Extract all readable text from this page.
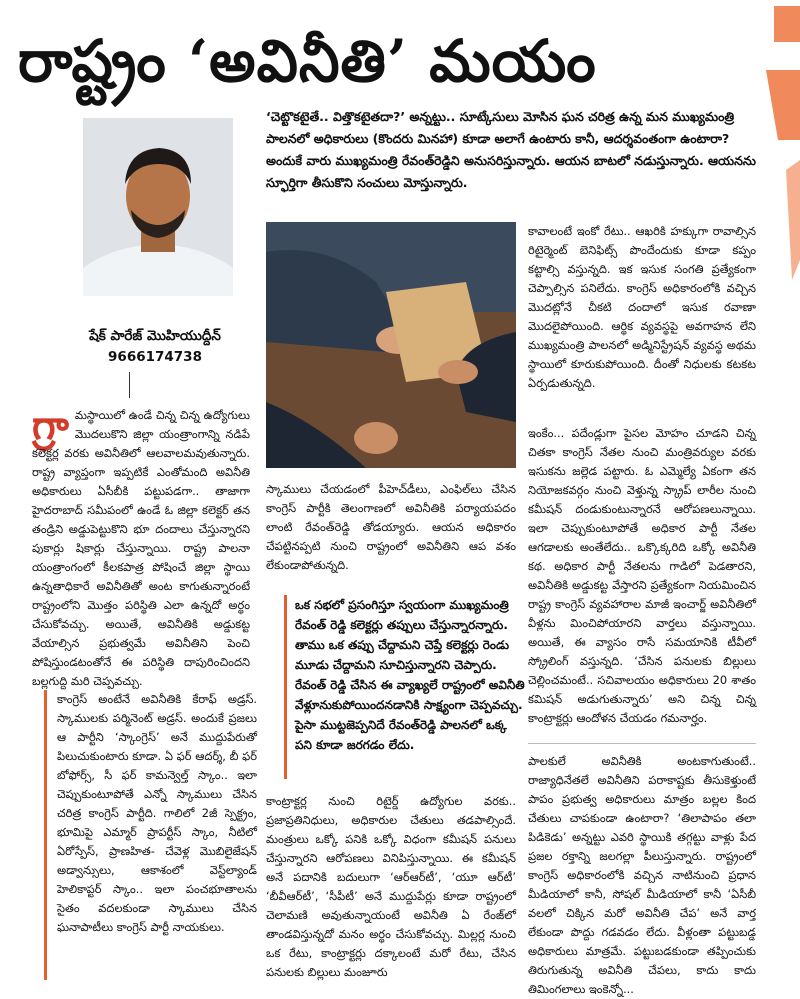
రాష్ట్రం ‘అవినీతి’ మయం
‘చెట్టొకటైతే.. విత్తొకటైతదా?’ అన్నట్టు.. సూట్కేసులు మోసిన ఘన చరిత్ర ఉన్న మన ముఖ్యమంత్రి పాలనలో అధికారులు (కొందరు మినహా) కూడా అలాగే ఉంటారు కానీ, ఆదర్శవంతంగా ఉంటారా? అందుకే వారు ముఖ్యమంత్రి రేవంత్‌రెడ్డిని అనుసరిస్తున్నారు. ఆయన బాటలో నడుస్తున్నారు. ఆయనను స్ఫూర్తిగా తీసుకొని సంచులు మోస్తున్నారు.
షేక్ పారేజ్ మొహియుద్దీన్
9666174738
గ్రా మస్థాయిలో ఉండే చిన్న చిన్న ఉద్యోగులు మొదలుకొని జిల్లా యంత్రాంగాన్ని నడిపే కలెక్టర్ల వరకు అవినీతిలో ఆలవాలమవుతున్నారు. రాష్ట్ర వ్యాప్తంగా ఇప్పటికే ఎంతోమంది అవినీతి అధికారులు ఏసీబీకి పట్టుపడగా.. తాజాగా హైదరాబాద్ సమీపంలో ఉండే ఓ జిల్లా కలెక్టర్ తన తండ్రిని అడ్డుపెట్టుకొని భూ దందాలు చేస్తున్నారని పుకార్లు షికార్లు చేస్తున్నాయి. రాష్ట్ర పాలనా యంత్రాంగంలో కీలకపాత్ర పోషించే జిల్లా స్థాయి ఉన్నతాధికారే అవినీతితో అంట కాగుతున్నారంటే రాష్ట్రంలోని మొత్తం పరిస్థితి ఎలా ఉన్నదో అర్థం చేసుకోవచ్చు. అయితే, అవినీతికి అడ్డుకట్ట వేయాల్సిన ప్రభుత్వమే అవినీతిని పెంచి పోషిస్తుండటంతోనే ఈ పరిస్థితి దాపురించిందని బల్లగుద్ది మరి చెప్పవచ్చు.
కాంగ్రెస్ అంటేనే అవినీతికి కేరాఫ్ అడ్రస్. స్కాములకు పర్మినెంట్ అడ్రస్. అందుకే ప్రజలు ఆ పార్టీని ‘స్కాంగ్రెస్’ అనే ముద్దుపేరుతో పిలుచుకుంటారు కూడా. ఏ ఫర్ ఆదర్శ్, బీ ఫర్ బోఫోర్స్, సీ ఫర్ కామన్వెల్త్ స్కాం.. ఇలా చెప్పుకుంటూపోతే ఎన్నో స్కాములు చేసిన చరిత్ర కాంగ్రెస్ పార్టీది. గాలిలో 2జీ స్పెక్ట్రం, భూమిపై ఎమ్మార్ ప్రాపర్టీస్ స్కాం, నీటిలో ఏరోస్పేస్, ప్రాణహిత- చేవెళ్ల మొబిలైజేషన్ అడ్వాన్సులు, ఆకాశంలో వెస్ట్‌ల్యాండ్ హెలికాప్టర్ స్కాం.. ఇలా పంచభూతాలను సైతం వదలకుండా స్కాములు చేసిన ఘనాపాటీలు కాంగ్రెస్ పార్టీ నాయకులు.
స్కాములు చేయడంలో పీహెచ్‌డీలు, ఎంఫిల్‌లు చేసిన కాంగ్రెస్ పార్టీకి తెలంగాణలో అవినీతికి పర్యాయపదం లాంటి రేవంత్‌రెడ్డి తోడయ్యారు. ఆయన అధికారం చేపట్టినప్పటి నుంచి రాష్ట్రంలో అవినీతిని ఆప వశం లేకుండాపోతున్నది.
ఒక సభలో ప్రసంగిస్తూ స్వయంగా ముఖ్యమంత్రి రేవంత్ రెడ్డి కలెక్టర్లు తప్పులు చేస్తున్నారన్నారు. తాము ఒక తప్పు చేద్దామని చెప్తే కలెక్టర్లు రెండు మూడు చేద్దామని సూచిస్తున్నారని చెప్పారు. రేవంత్ రెడ్డి చేసిన ఈ వ్యాఖ్యలే రాష్ట్రంలో అవినీతి వేళ్లూనుకుపోయిందనడానికి సాక్ష్యంగా చెప్పవచ్చు. పైసా ముట్టజెప్పనిదే రేవంత్‌రెడ్డి పాలనలో ఒక్క పని కూడా జరగడం లేదు.
కాంట్రాక్టర్ల నుంచి రిటైర్డ్ ఉద్యోగుల వరకు.. ప్రజాప్రతినిధులు, అధికారుల చేతులు తడపాల్సిందే. మంత్రులు ఒక్కో పనికి ఒక్కో విధంగా కమీషన్ పనులు చేస్తున్నారని ఆరోపణలు వినిపిస్తున్నాయి. ఈ కమీషన్ అనే పదానికి బదులుగా ‘ఆర్ఆర్‌టీ’, ‘యూ ఆర్‌టీ’ ‘బీవీఆర్‌టీ’, ‘సీపీటీ’ అనే ముద్దుపేర్లు కూడా రాష్ట్రంలో చెలామణి అవుతున్నాయంటే అవినీతి ఏ రేంజ్‌లో తాండవిస్తున్నదో మనం అర్థం చేసుకోవచ్చు. మిల్లర్ల నుంచి ఒక రేటు, కాంట్రాక్టర్లు దక్కాలంటే మరో రేటు, చేసిన పనులకు బిల్లులు మంజూరు
కావాలంటే ఇంకో రేటు.. ఆఖరికి హక్కుగా రావాల్సిన రిటైర్మెంట్ బెనిఫిట్స్ పొందేందుకు కూడా కప్పం కట్టాల్సి వస్తున్నది. ఇక ఇసుక సంగతి ప్రత్యేకంగా చెప్పాల్సిన పనిలేదు. కాంగ్రెస్ అధికారంలోకి వచ్చిన మొదట్లోనే చీకటి దందాలో ఇసుక రవాణా మొదలైపోయింది. ఆర్థిక వ్యవస్థపై అవగాహన లేని ముఖ్యమంత్రి పాలనలో అడ్మినిస్ట్రేషన్ వ్యవస్థ అథమ స్థాయిలో కూరుకుపోయింది. దీంతో నిధులకు కటకట ఏర్పడుతున్నది.
ఇంకేం... పదేండ్లుగా పైసల మోహం చూడని చిన్న చితకా కాంగ్రెస్ నేతల నుంచి మంత్రివర్యుల వరకు ఇసుకను జల్లెడ పట్టారు. ఓ ఎమ్మెల్యే ఏకంగా తన నియోజకవర్గం నుంచి వెళ్తున్న స్క్రాప్ లారీల నుంచి కమీషన్ దండుకుంటున్నారనే ఆరోపణలున్నాయి. ఇలా చెప్పుకుంటూపోతే అధికార పార్టీ నేతల ఆగడాలకు అంతేలేదు.. ఒక్కొక్కరిది ఒక్కో అవినీతి కథ. అధికార పార్టీ నేతలను గాడిలో పెడతారని, అవినీతికి అడ్డుకట్ట వేస్తారని ప్రత్యేకంగా నియమించిన రాష్ట్ర కాంగ్రెస్ వ్యవహారాల మాజీ ఇంచార్జ్ అవినీతిలో వీళ్లను మించిపోయారని వార్తలు వస్తున్నాయి. అయితే, ఈ వ్యాసం రాసే సమయానికి టీవీలో స్క్రోలింగ్ వస్తున్నది. ‘చేసిన పనులకు బిల్లులు చెల్లించమంటే.. సచివాలయం అధికారులు 20 శాతం కమిషన్ అడుగుతున్నారు’ అని చిన్న చిన్న కాంట్రాక్టర్లు ఆందోళన చేయడం గమనార్హం.
పాలకులే అవినీతికి అంటకాగుతుంటే.. రాజ్యాధినేతలే అవినీతిని పరాకాష్టకు తీసుకెళ్తుంటే పాపం ప్రభుత్వ అధికారులు మాత్రం బల్లల కింద చేతులు చాపకుండా ఉంటారా? ‘తిలాపాపం తలా పిడికెడు’ అన్నట్టు ఎవరి స్థాయికి తగ్గట్టు వాళ్లు పేద ప్రజల రక్తాన్ని జలగల్లా పీలుస్తున్నారు. రాష్ట్రంలో కాంగ్రెస్ అధికారంలోకి వచ్చిన నాటినుంచి ప్రధాన మీడియాలో కానీ, సోషల్ మీడియాలో కానీ ‘ఏసీబీ వలలో చిక్కిన మరో అవినీతి చేప’ అనే వార్త లేకుండా పొద్దు గడవడం లేదు. వీళ్లంతా పట్టుబడ్డ అధికారులు మాత్రమే. పట్టుబడకుండా తప్పించుకు తిరుగుతున్న అవినీతి చేపలు, కాదు కాదు తిమింగలాలు ఇంకెన్నో...
